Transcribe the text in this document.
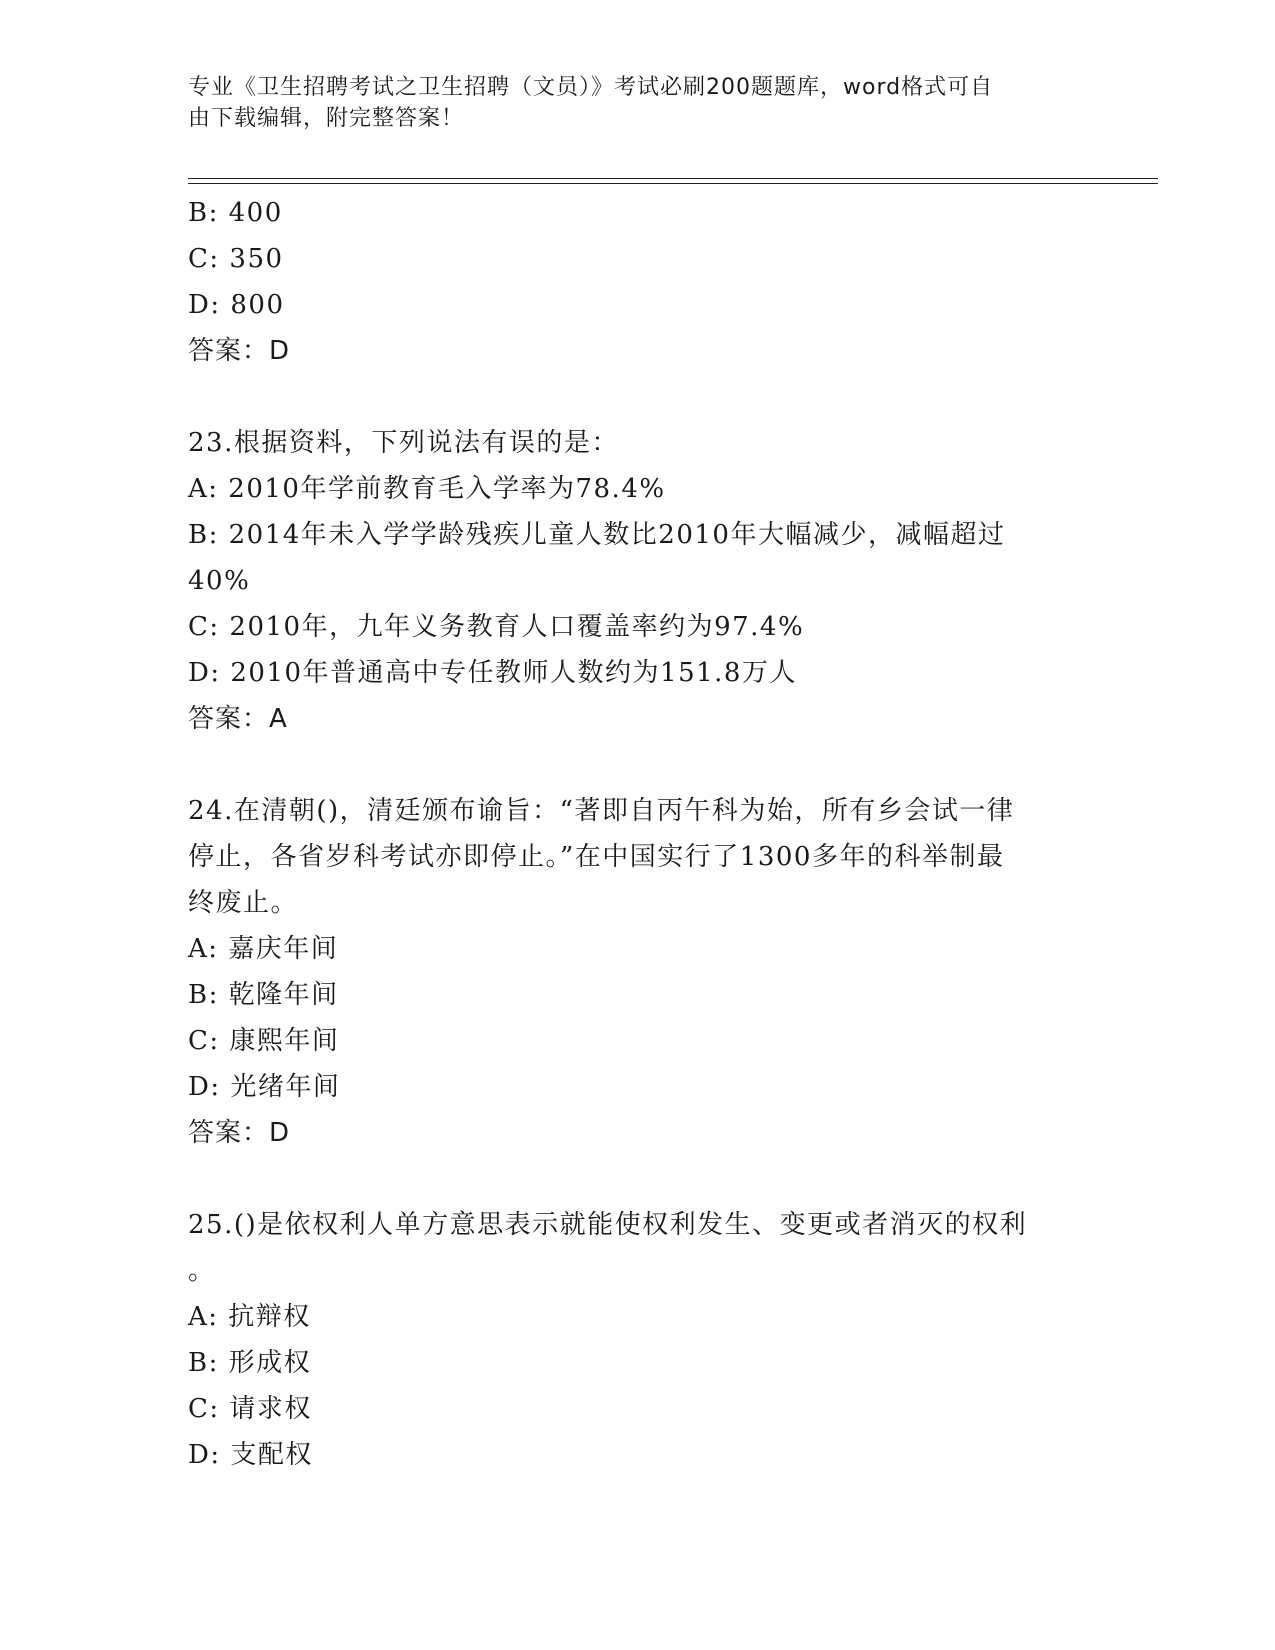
专业《卫生招聘考试之卫生招聘（文员）》考试必刷200题题库，word格式可自
由下载编辑，附完整答案！
B: 400
C: 350
D: 800
答案：D
23.根据资料，下列说法有误的是：
A: 2010年学前教育毛入学率为78.4%
B: 2014年未入学学龄残疾儿童人数比2010年大幅减少，减幅超过
40%
C: 2010年，九年义务教育人口覆盖率约为97.4%
D: 2010年普通高中专任教师人数约为151.8万人
答案：A
24.在清朝()，清廷颁布谕旨：“著即自丙午科为始，所有乡会试一律
停止，各省岁科考试亦即停止。”在中国实行了1300多年的科举制最
终废止。
A: 嘉庆年间
B: 乾隆年间
C: 康熙年间
D: 光绪年间
答案：D
25.()是依权利人单方意思表示就能使权利发生、变更或者消灭的权利
。
A: 抗辩权
B: 形成权
C: 请求权
D: 支配权
